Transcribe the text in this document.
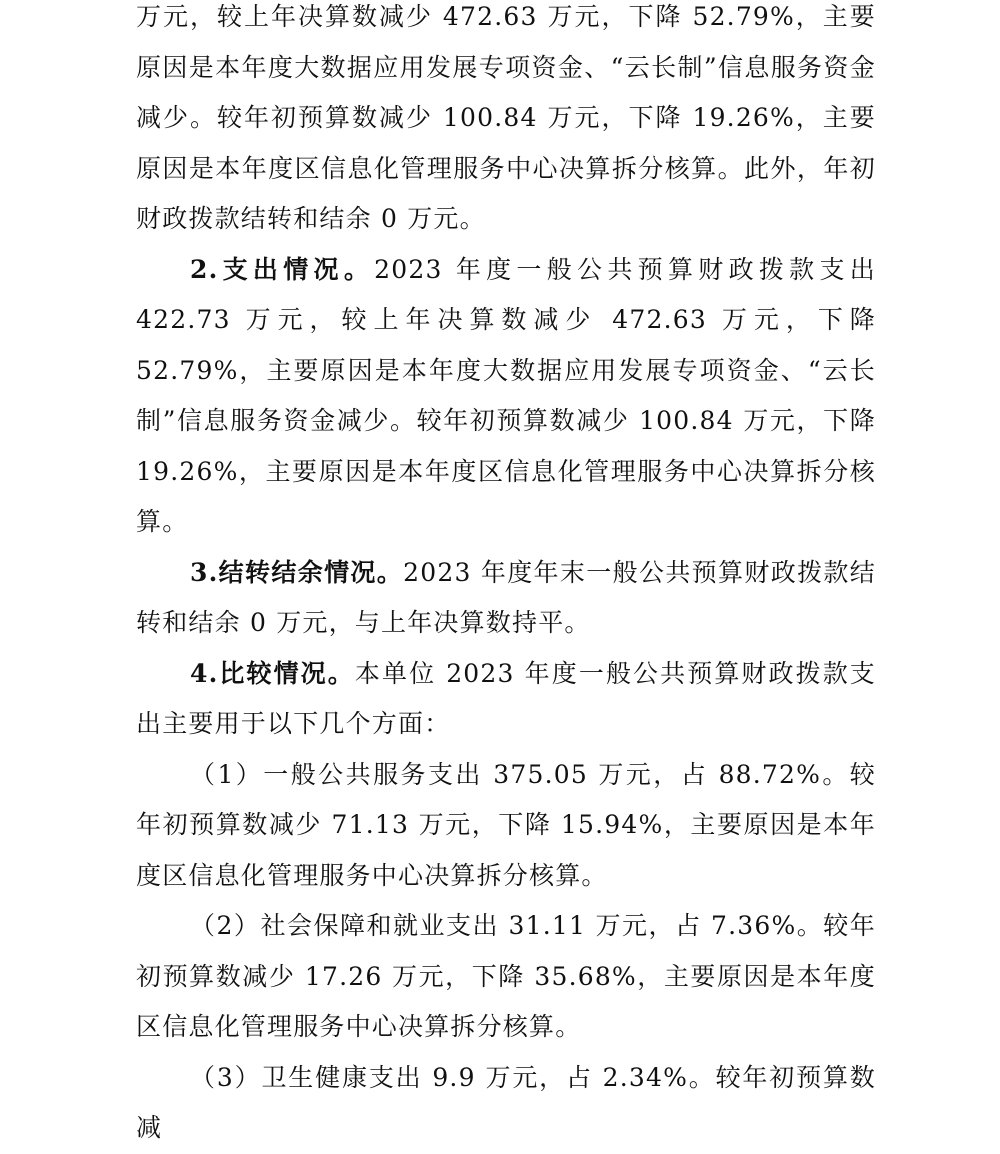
万元，较上年决算数减少 472.63 万元，下降 52.79%，主要原因是本年度大数据应用发展专项资金、“云长制”信息服务资金减少。较年初预算数减少 100.84 万元，下降 19.26%，主要原因是本年度区信息化管理服务中心决算拆分核算。此外，年初财政拨款结转和结余 0 万元。

2.支出情况。2023 年度一般公共预算财政拨款支出 422.73 万元，较上年决算数减少 472.63 万元，下降 52.79%，主要原因是本年度大数据应用发展专项资金、“云长制”信息服务资金减少。较年初预算数减少 100.84 万元，下降 19.26%，主要原因是本年度区信息化管理服务中心决算拆分核算。

3.结转结余情况。2023 年度年末一般公共预算财政拨款结转和结余 0 万元，与上年决算数持平。

4.比较情况。本单位 2023 年度一般公共预算财政拨款支出主要用于以下几个方面：

（1）一般公共服务支出 375.05 万元，占 88.72%。较年初预算数减少 71.13 万元，下降 15.94%，主要原因是本年度区信息化管理服务中心决算拆分核算。

（2）社会保障和就业支出 31.11 万元，占 7.36%。较年初预算数减少 17.26 万元，下降 35.68%，主要原因是本年度区信息化管理服务中心决算拆分核算。

（3）卫生健康支出 9.9 万元，占 2.34%。较年初预算数减
